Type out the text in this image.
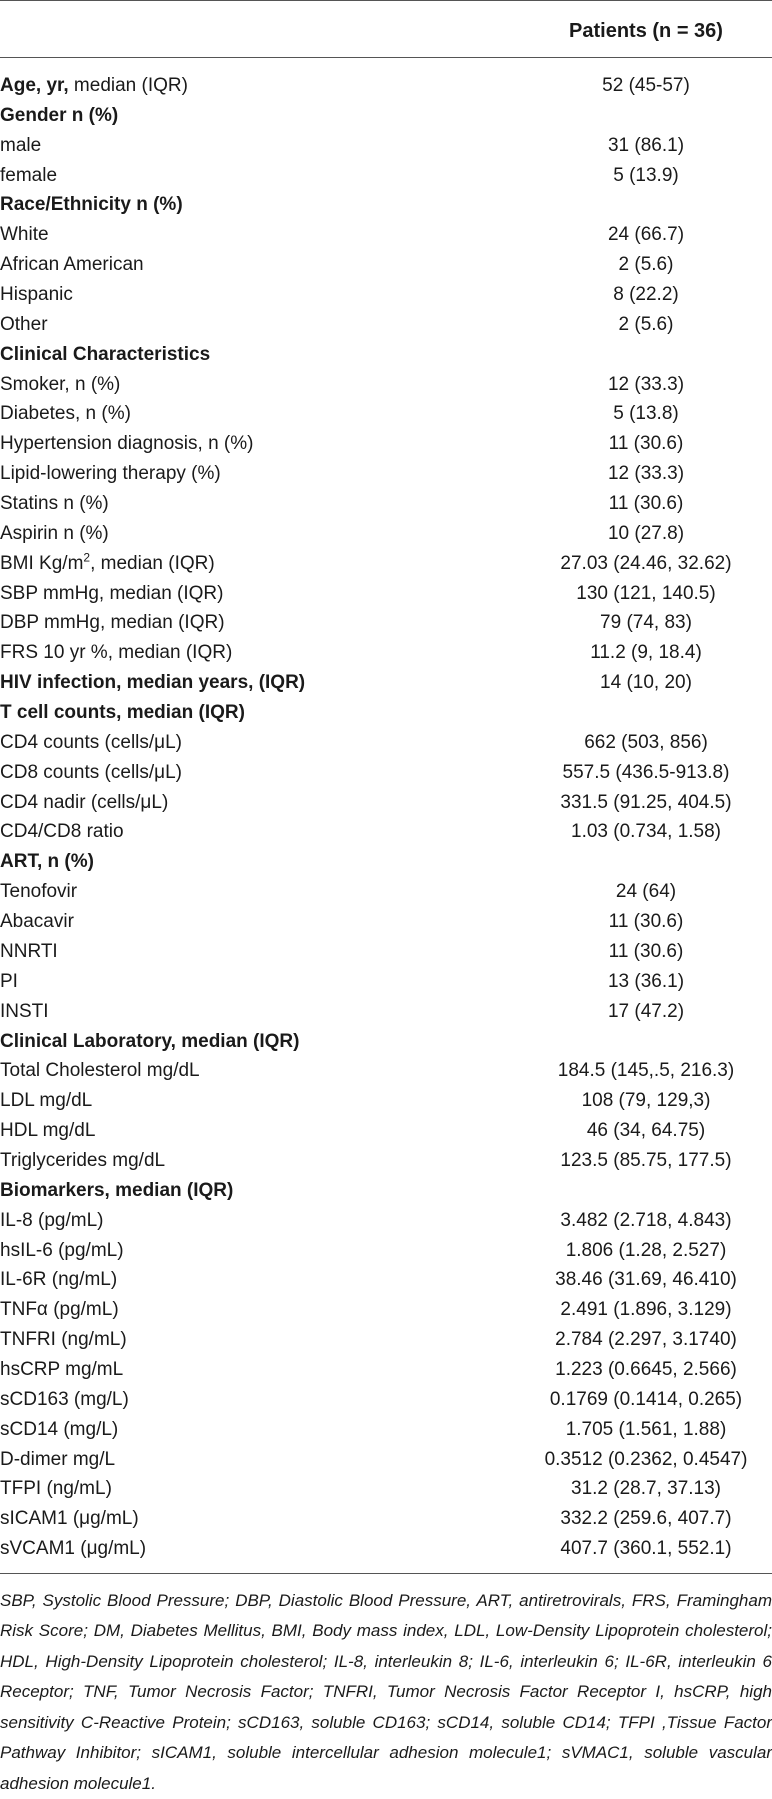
Patients (n = 36)
Age, yr, median (IQR)	52 (45-57)
Gender n (%)
male	31 (86.1)
female	5 (13.9)
Race/Ethnicity n (%)
White	24 (66.7)
African American	2 (5.6)
Hispanic	8 (22.2)
Other	2 (5.6)
Clinical Characteristics
Smoker, n (%)	12 (33.3)
Diabetes, n (%)	5 (13.8)
Hypertension diagnosis, n (%)	11 (30.6)
Lipid-lowering therapy (%)	12 (33.3)
Statins n (%)	11 (30.6)
Aspirin n (%)	10 (27.8)
BMI $Kg/m^2$, median (IQR)	27.03 (24.46, 32.62)
SBP mmHg, median (IQR)	130 (121, 140.5)
DBP mmHg, median (IQR)	79 (74, 83)
FRS 10 yr %, median (IQR)	11.2 (9, 18.4)
HIV infection, median years, (IQR)	14 (10, 20)
T cell counts, median (IQR)
CD4 counts (cells/μL)	662 (503, 856)
CD8 counts (cells/μL)	557.5 (436.5-913.8)
CD4 nadir (cells/μL)	331.5 (91.25, 404.5)
CD4/CD8 ratio	1.03 (0.734, 1.58)
ART, n (%)
Tenofovir	24 (64)
Abacavir	11 (30.6)
NNRTI	11 (30.6)
PI	13 (36.1)
INSTI	17 (47.2)
Clinical Laboratory, median (IQR)
Total Cholesterol mg/dL	184.5 (145,.5, 216.3)
LDL mg/dL	108 (79, 129,3)
HDL mg/dL	46 (34, 64.75)
Triglycerides mg/dL	123.5 (85.75, 177.5)
Biomarkers, median (IQR)
IL-8 (pg/mL)	3.482 (2.718, 4.843)
hsIL-6 (pg/mL)	1.806 (1.28, 2.527)
IL-6R (ng/mL)	38.46 (31.69, 46.410)
TNFα (pg/mL)	2.491 (1.896, 3.129)
TNFRI (ng/mL)	2.784 (2.297, 3.1740)
hsCRP mg/mL	1.223 (0.6645, 2.566)
sCD163 (mg/L)	0.1769 (0.1414, 0.265)
sCD14 (mg/L)	1.705 (1.561, 1.88)
D-dimer mg/L	0.3512 (0.2362, 0.4547)
TFPI (ng/mL)	31.2 (28.7, 37.13)
sICAM1 (μg/mL)	332.2 (259.6, 407.7)
sVCAM1 (μg/mL)	407.7 (360.1, 552.1)
SBP, Systolic Blood Pressure; DBP, Diastolic Blood Pressure, ART, antiretrovirals, FRS, Framingham Risk Score; DM, Diabetes Mellitus, BMI, Body mass index, LDL, Low-Density Lipoprotein cholesterol; HDL, High-Density Lipoprotein cholesterol; IL-8, interleukin 8; IL-6, interleukin 6; IL-6R, interleukin 6 Receptor; TNF, Tumor Necrosis Factor; TNFRI, Tumor Necrosis Factor Receptor I, hsCRP, high sensitivity C-Reactive Protein; sCD163, soluble CD163; sCD14, soluble CD14; TFPI ,Tissue Factor Pathway Inhibitor; sICAM1, soluble intercellular adhesion molecule1; sVMAC1, soluble vascular adhesion molecule1.
